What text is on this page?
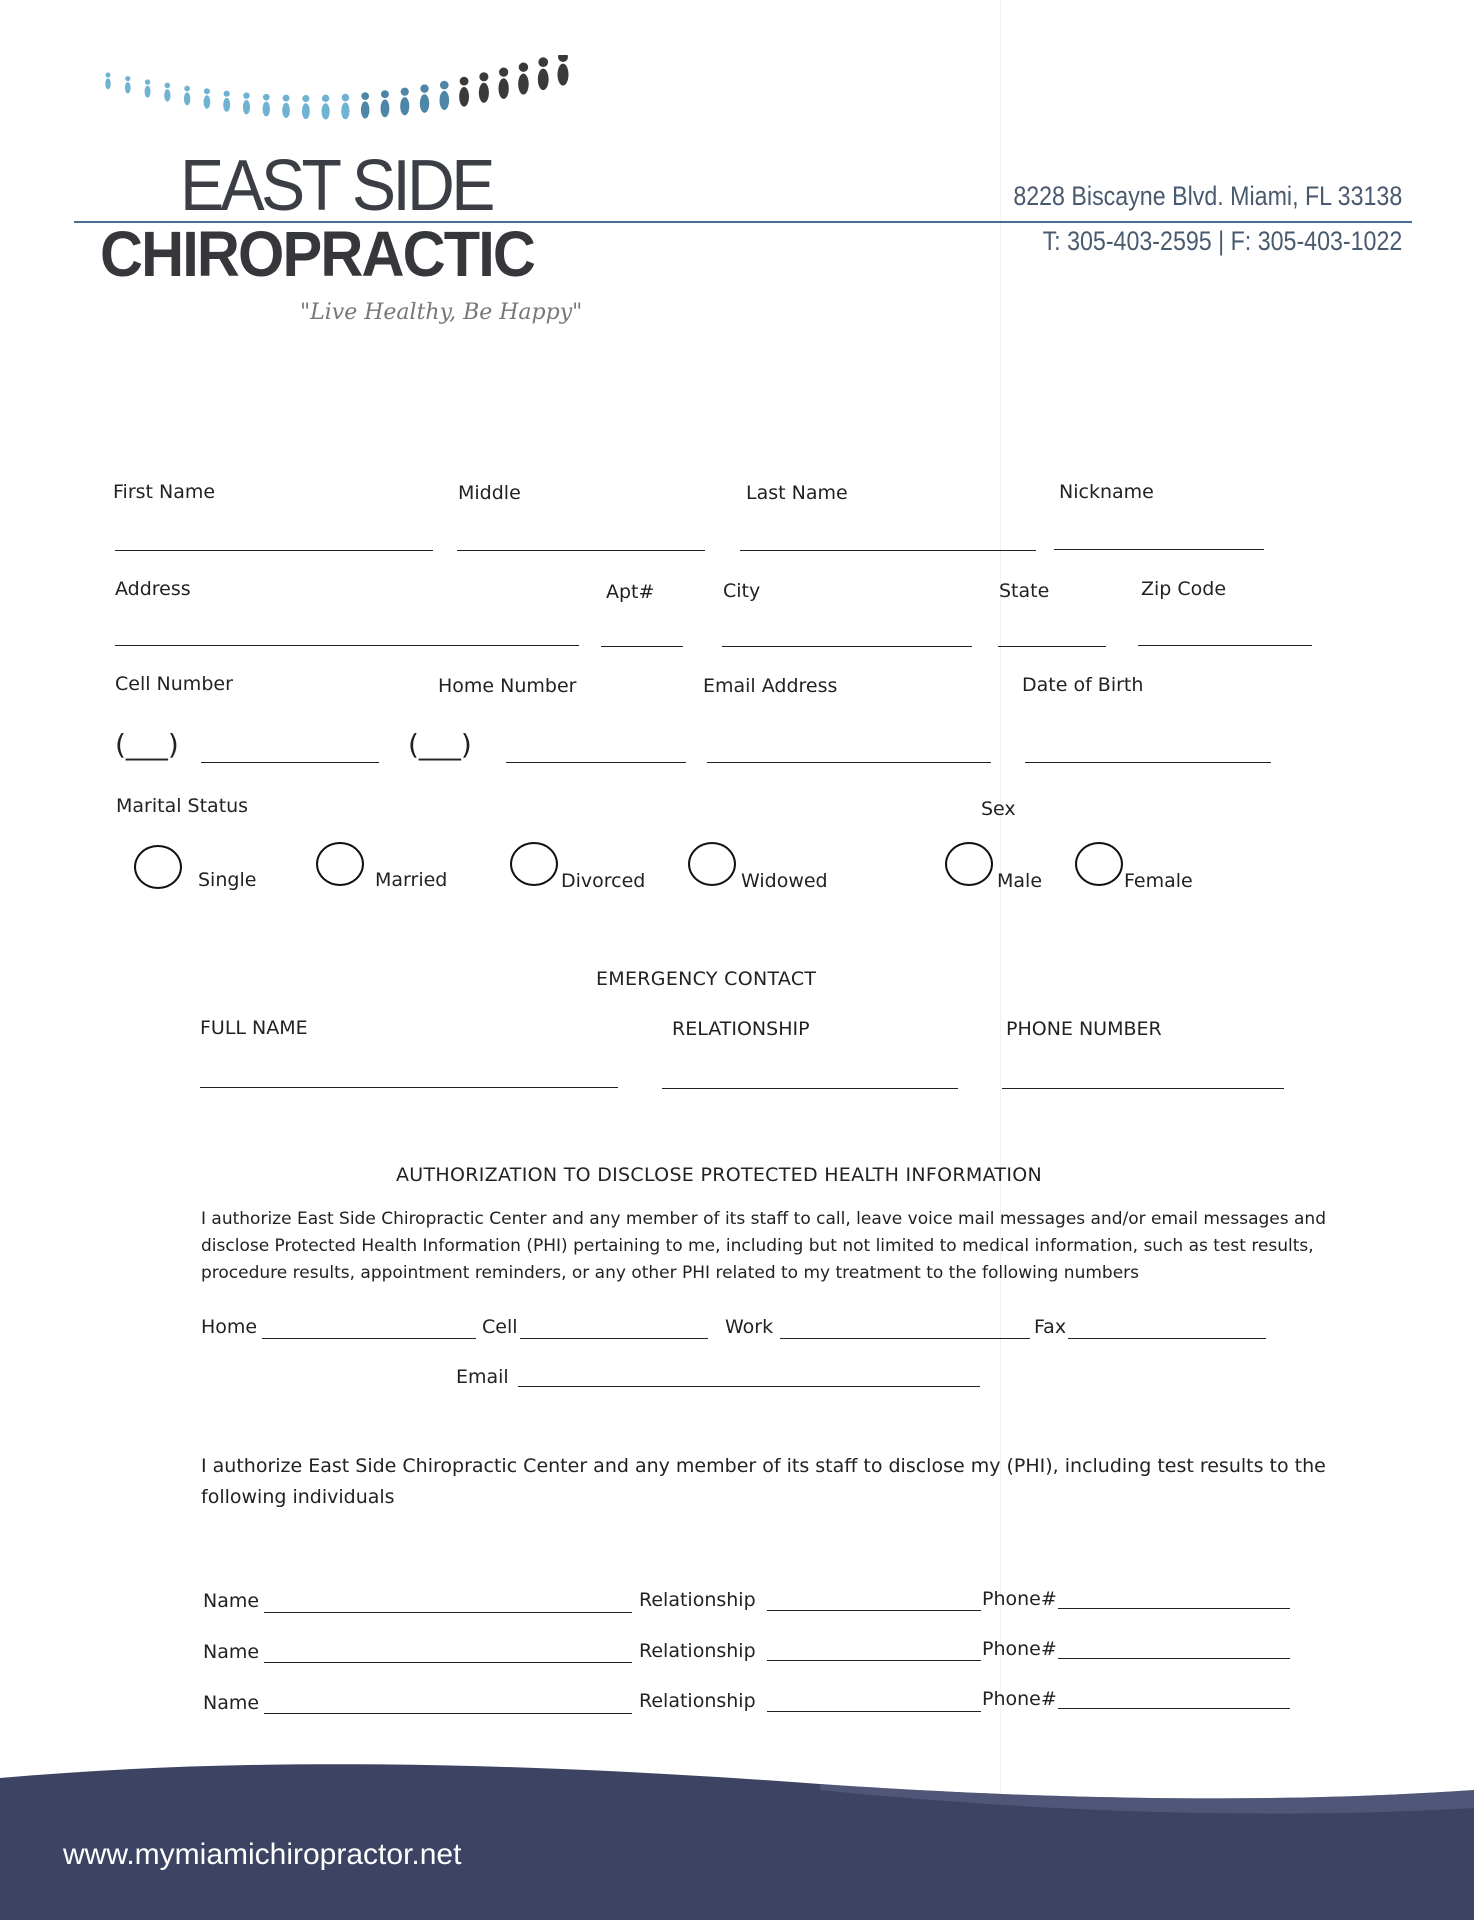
EAST SIDE
CHIROPRACTIC
"Live Healthy, Be Happy"
8228 Biscayne Blvd. Miami, FL 33138
T: 305-403-2595 | F: 305-403-1022
First Name	Middle	Last Name	Nickname
Address	Apt#	City	State	Zip Code
Cell Number	Home Number	Email Address	Date of Birth
(___)	(___)
Marital Status	Sex
Single	Married	Divorced	Widowed	Male	Female
EMERGENCY CONTACT
FULL NAME	RELATIONSHIP	PHONE NUMBER
AUTHORIZATION TO DISCLOSE PROTECTED HEALTH INFORMATION
I authorize East Side Chiropractic Center and any member of its staff to call, leave voice mail messages and/or email messages and disclose Protected Health Information (PHI) pertaining to me, including but not limited to medical information, such as test results, procedure results, appointment reminders, or any other PHI related to my treatment to the following numbers
Home	Cell	Work	Fax
Email
I authorize East Side Chiropractic Center and any member of its staff to disclose my (PHI), including test results to the following individuals
Name	Relationship	Phone#
Name	Relationship	Phone#
Name	Relationship	Phone#
www.mymiamichiropractor.net
